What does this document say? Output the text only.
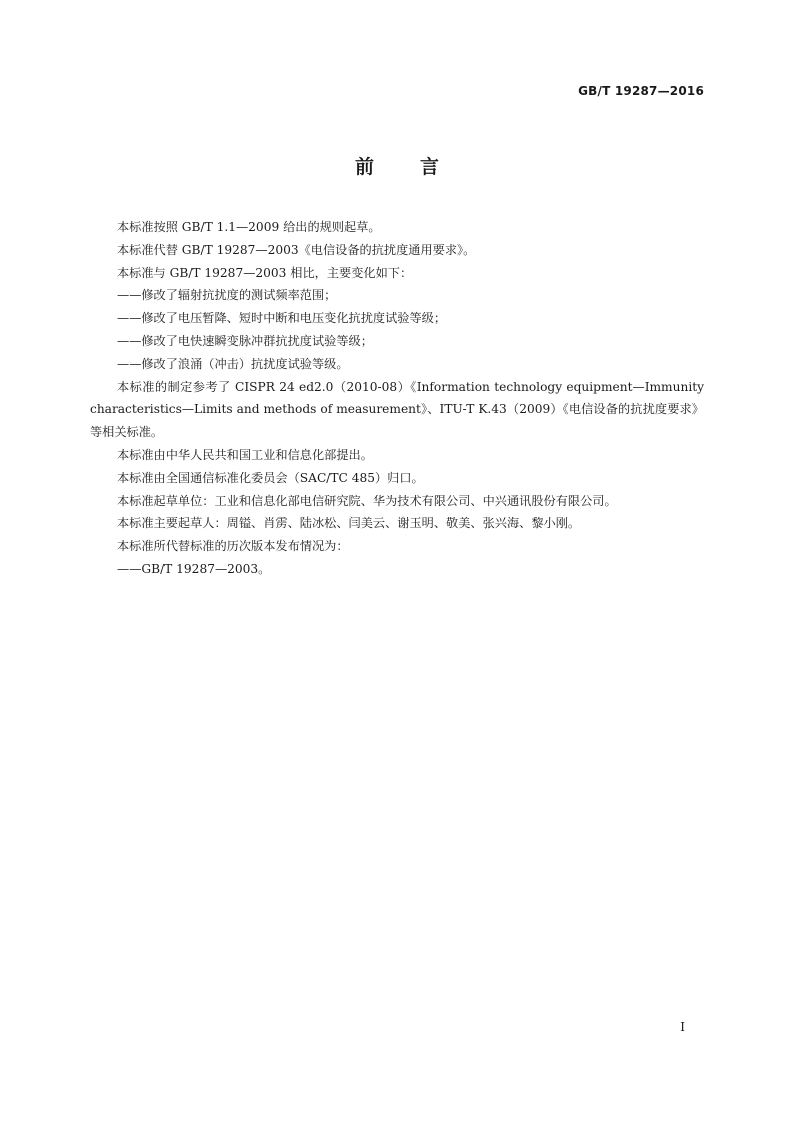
GB/T 19287—2016
前言

本标准按照 GB/T 1.1—2009 给出的规则起草。

本标准代替 GB/T 19287—2003《电信设备的抗扰度通用要求》。

本标准与 GB/T 19287—2003 相比，主要变化如下：

——修改了辐射抗扰度的测试频率范围；

——修改了电压暂降、短时中断和电压变化抗扰度试验等级；

——修改了电快速瞬变脉冲群抗扰度试验等级；

——修改了浪涌（冲击）抗扰度试验等级。

本标准的制定参考了 CISPR 24 ed2.0（2010-08）《Information technology equipment—Immunity characteristics—Limits and methods of measurement》、ITU-T K.43（2009）《电信设备的抗扰度要求》等相关标准。

本标准由中华人民共和国工业和信息化部提出。

本标准由全国通信标准化委员会（SAC/TC 485）归口。

本标准起草单位：工业和信息化部电信研究院、华为技术有限公司、中兴通讯股份有限公司。

本标准主要起草人：周镒、肖雳、陆冰松、闫美云、谢玉明、敬美、张兴海、黎小刚。

本标准所代替标准的历次版本发布情况为：

——GB/T 19287—2003。

I
